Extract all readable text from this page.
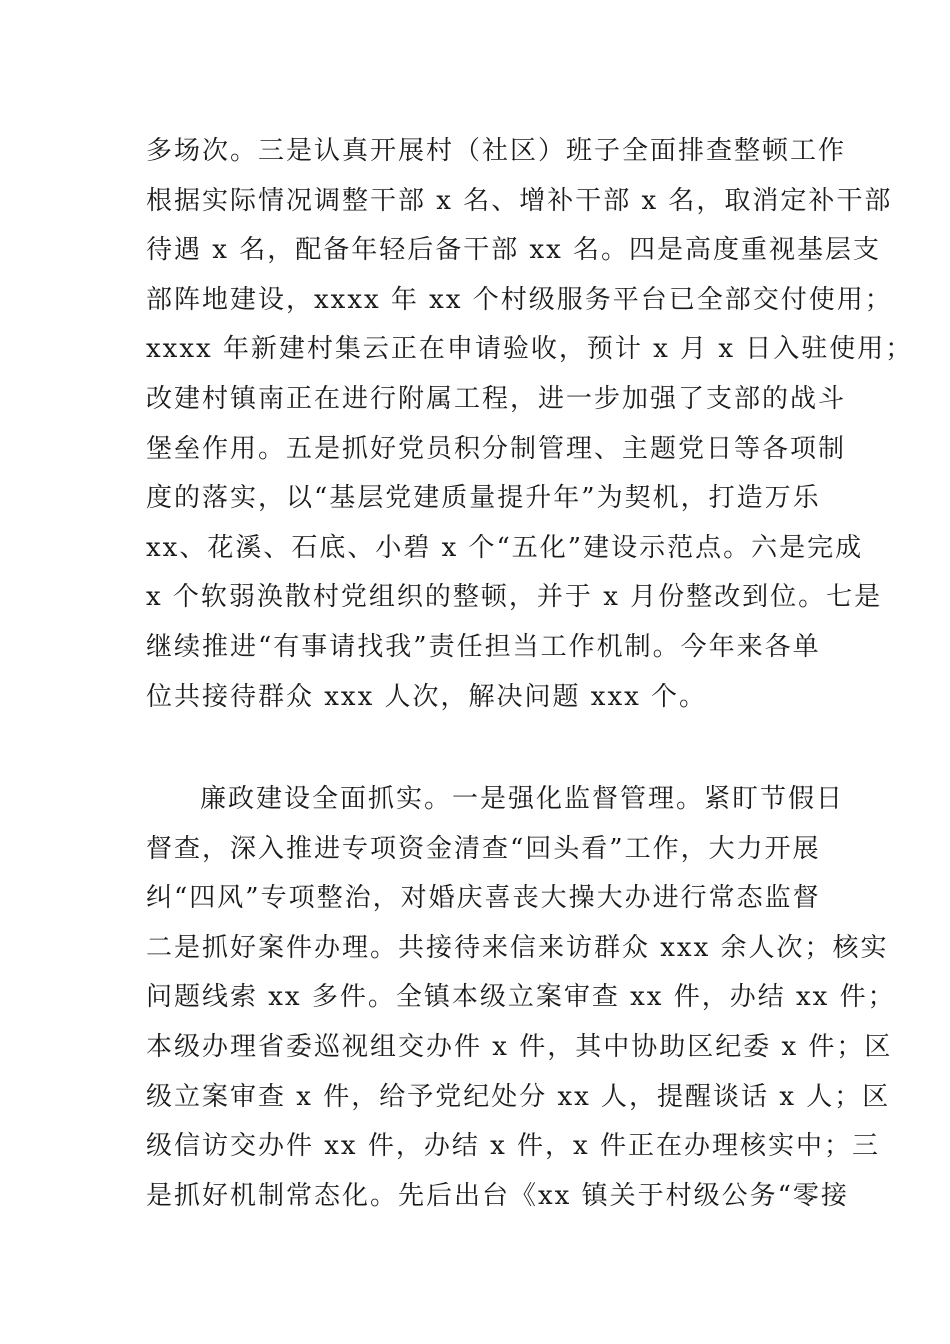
多场次。三是认真开展村（社区）班子全面排查整顿工作
根据实际情况调整干部 x 名、增补干部 x 名，取消定补干部
待遇 x 名，配备年轻后备干部 xx 名。四是高度重视基层支
部阵地建设，xxxx 年 xx 个村级服务平台已全部交付使用；
xxxx 年新建村集云正在申请验收，预计 x 月 x 日入驻使用；
改建村镇南正在进行附属工程，进一步加强了支部的战斗
堡垒作用。五是抓好党员积分制管理、主题党日等各项制
度的落实，以“基层党建质量提升年”为契机，打造万乐
xx、花溪、石底、小碧 x 个“五化”建设示范点。六是完成
x 个软弱涣散村党组织的整顿，并于 x 月份整改到位。七是
继续推进“有事请找我”责任担当工作机制。今年来各单
位共接待群众 xxx 人次，解决问题 xxx 个。
廉政建设全面抓实。一是强化监督管理。紧盯节假日
督查，深入推进专项资金清查“回头看”工作，大力开展
纠“四风”专项整治，对婚庆喜丧大操大办进行常态监督
二是抓好案件办理。共接待来信来访群众 xxx 余人次；核实
问题线索 xx 多件。全镇本级立案审查 xx 件，办结 xx 件；
本级办理省委巡视组交办件 x 件，其中协助区纪委 x 件；区
级立案审查 x 件，给予党纪处分 xx 人，提醒谈话 x 人；区
级信访交办件 xx 件，办结 x 件，x 件正在办理核实中；三
是抓好机制常态化。先后出台《xx 镇关于村级公务“零接
